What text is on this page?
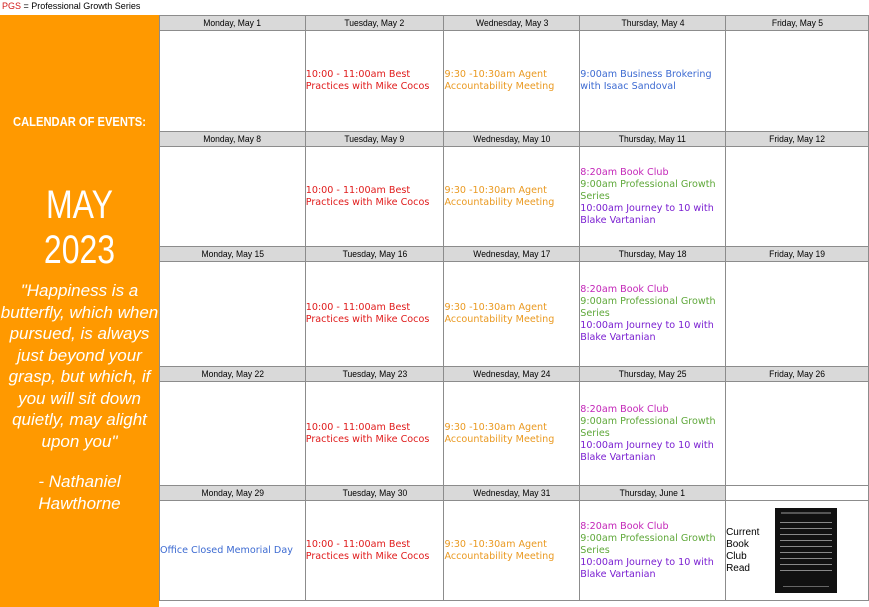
PGS = Professional Growth Series
CALENDAR OF EVENTS:
MAY 2023

"Happiness is a butterfly, which when pursued, is always just beyond your grasp, but which, if you will sit down quietly, may alight upon you"

- Nathaniel Hawthorne

Monday, May 1	Tuesday, May 2	Wednesday, May 3	Thursday, May 4	Friday, May 5

	10:00 - 11:00am Best Practices with Mike Cocos	9:30 -10:30am Agent Accountability Meeting	9:00am Business Brokering with Isaac Sandoval	

Monday, May 8	Tuesday, May 9	Wednesday, May 10	Thursday, May 11	Friday, May 12

	10:00 - 11:00am Best Practices with Mike Cocos	9:30 -10:30am Agent Accountability Meeting	8:20am Book Club
9:00am Professional Growth Series
10:00am Journey to 10 with Blake Vartanian	

Monday, May 15	Tuesday, May 16	Wednesday, May 17	Thursday, May 18	Friday, May 19

	10:00 - 11:00am Best Practices with Mike Cocos	9:30 -10:30am Agent Accountability Meeting	8:20am Book Club
9:00am Professional Growth Series
10:00am Journey to 10 with Blake Vartanian	

Monday, May 22	Tuesday, May 23	Wednesday, May 24	Thursday, May 25	Friday, May 26

	10:00 - 11:00am Best Practices with Mike Cocos	9:30 -10:30am Agent Accountability Meeting	8:20am Book Club
9:00am Professional Growth Series
10:00am Journey to 10 with Blake Vartanian	

Monday, May 29	Tuesday, May 30	Wednesday, May 31	Thursday, June 1	

Office Closed Memorial Day	10:00 - 11:00am Best Practices with Mike Cocos	9:30 -10:30am Agent Accountability Meeting	8:20am Book Club
9:00am Professional Growth Series
10:00am Journey to 10 with Blake Vartanian	Current Book Club Read
